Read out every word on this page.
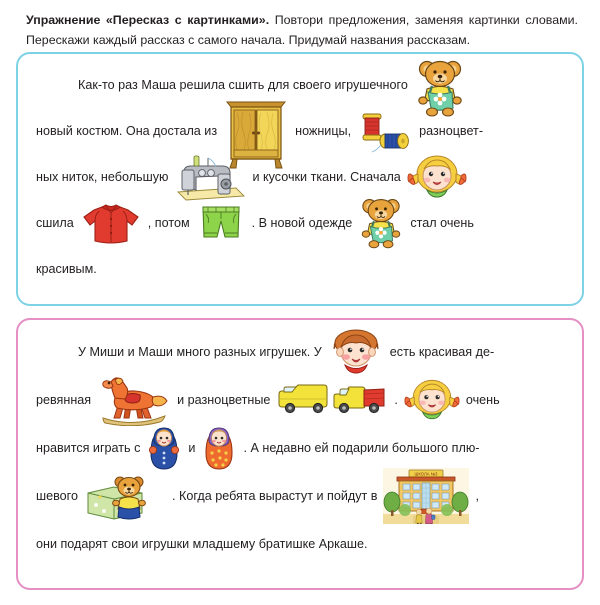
Упражнение «Пересказ с картинками». Повтори предложения, заменяя картинки словами. Перескажи каждый рассказ с самого начала. Придумай названия рассказам.
Как-то раз Маша решила сшить для своего игрушечного
новый костюм. Она достала из	ножницы,	разноцвет-
ных ниток, небольшую	и кусочки ткани. Сначала
сшила	, потом	. В новой одежде	стал очень
красивым.
У Миши и Маши много разных игрушек. У	есть красивая де-
ревянная	и разноцветные	.	очень
нравится играть с	и	. А недавно ей подарили большого плю-
шевого	. Когда ребята вырастут и пойдут в
ШКОЛА №3
,
они подарят свои игрушки младшему братишке Аркаше.
